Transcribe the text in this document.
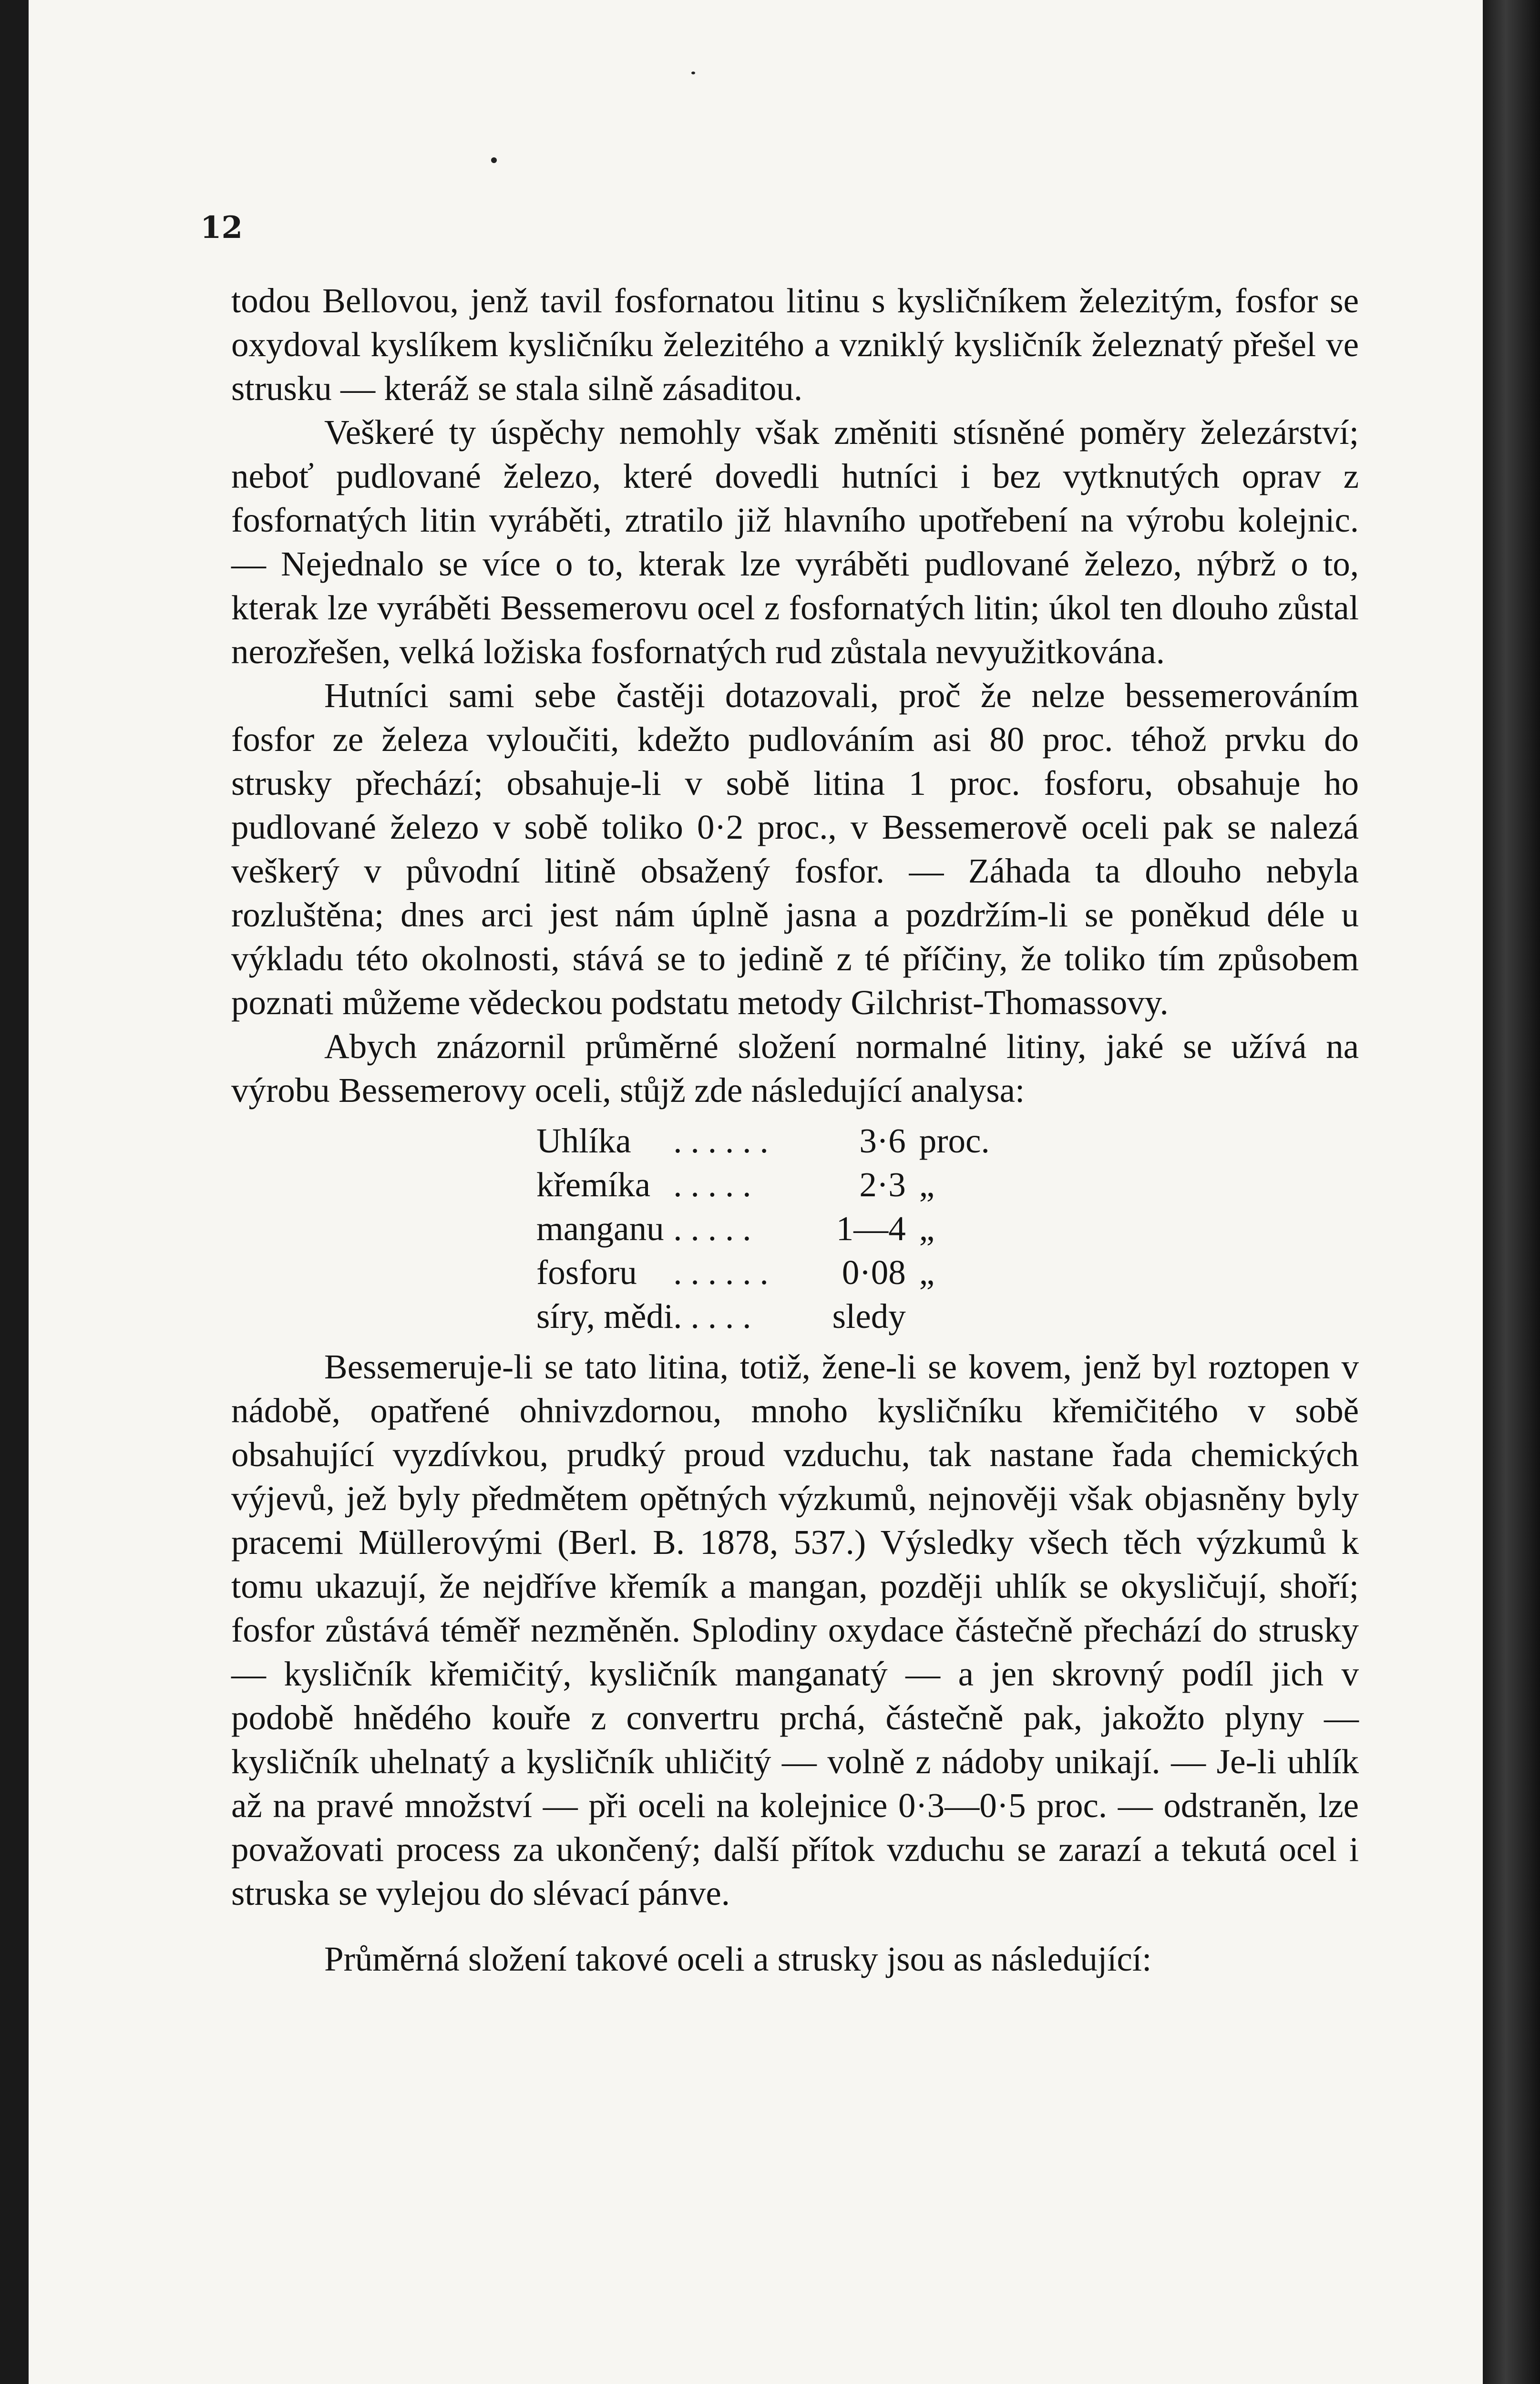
12

todou Bellovou, jenž tavil fosfornatou litinu s kysličníkem železitým, fosfor se oxydoval kyslíkem kysličníku železitého a vzniklý kysličník železnatý přešel ve strusku — kteráž se stala silně zásaditou.

Veškeré ty úspěchy nemohly však změniti stísněné poměry železárství; neboť pudlované železo, které dovedli hutníci i bez vytknutých oprav z fosfornatých litin vyráběti, ztratilo již hlavního upotřebení na výrobu kolejnic. — Nejednalo se více o to, kterak lze vyráběti pudlované železo, nýbrž o to, kterak lze vyráběti Bessemerovu ocel z fosfornatých litin; úkol ten dlouho zůstal nerozřešen, velká ložiska fosfornatých rud zůstala nevyužitkována.

Hutníci sami sebe častěji dotazovali, proč že nelze bessemerováním fosfor ze železa vyloučiti, kdežto pudlováním asi 80 proc. téhož prvku do strusky přechází; obsahuje-li v sobě litina 1 proc. fosforu, obsahuje ho pudlované železo v sobě toliko 0·2 proc., v Bessemerově oceli pak se nalezá veškerý v původní litině obsažený fosfor. — Záhada ta dlouho nebyla rozluštěna; dnes arci jest nám úplně jasna a pozdržím-li se poněkud déle u výkladu této okolnosti, stává se to jedině z té příčiny, že toliko tím způsobem poznati můžeme vědeckou podstatu metody Gilchrist-Thomassovy.

Abych znázornil průměrné složení normalné litiny, jaké se užívá na výrobu Bessemerovy oceli, stůjž zde následující analysa:

Uhlíka	......	3·6	proc.
křemíka	.....	2·3	„
manganu	.....	1—4	„
fosforu	......	0·08	„
síry, mědi	.....	sledy	

Bessemeruje-li se tato litina, totiž, žene-li se kovem, jenž byl roztopen v nádobě, opatřené ohnivzdornou, mnoho kysličníku křemičitého v sobě obsahující vyzdívkou, prudký proud vzduchu, tak nastane řada chemických výjevů, jež byly předmětem opětných výzkumů, nejnověji však objasněny byly pracemi Müllerovými (Berl. B. 1878, 537.) Výsledky všech těch výzkumů k tomu ukazují, že nejdříve křemík a mangan, později uhlík se okysličují, shoří; fosfor zůstává téměř nezměněn. Splodiny oxydace částečně přechází do strusky — kysličník křemičitý, kysličník manganatý — a jen skrovný podíl jich v podobě hnědého kouře z convertru prchá, částečně pak, jakožto plyny — kysličník uhelnatý a kysličník uhličitý — volně z nádoby unikají. — Je-li uhlík až na pravé množství — při oceli na kolejnice 0·3—0·5 proc. — odstraněn, lze považovati process za ukončený; další přítok vzduchu se zarazí a tekutá ocel i struska se vylejou do slévací pánve.

Průměrná složení takové oceli a strusky jsou as následující:
